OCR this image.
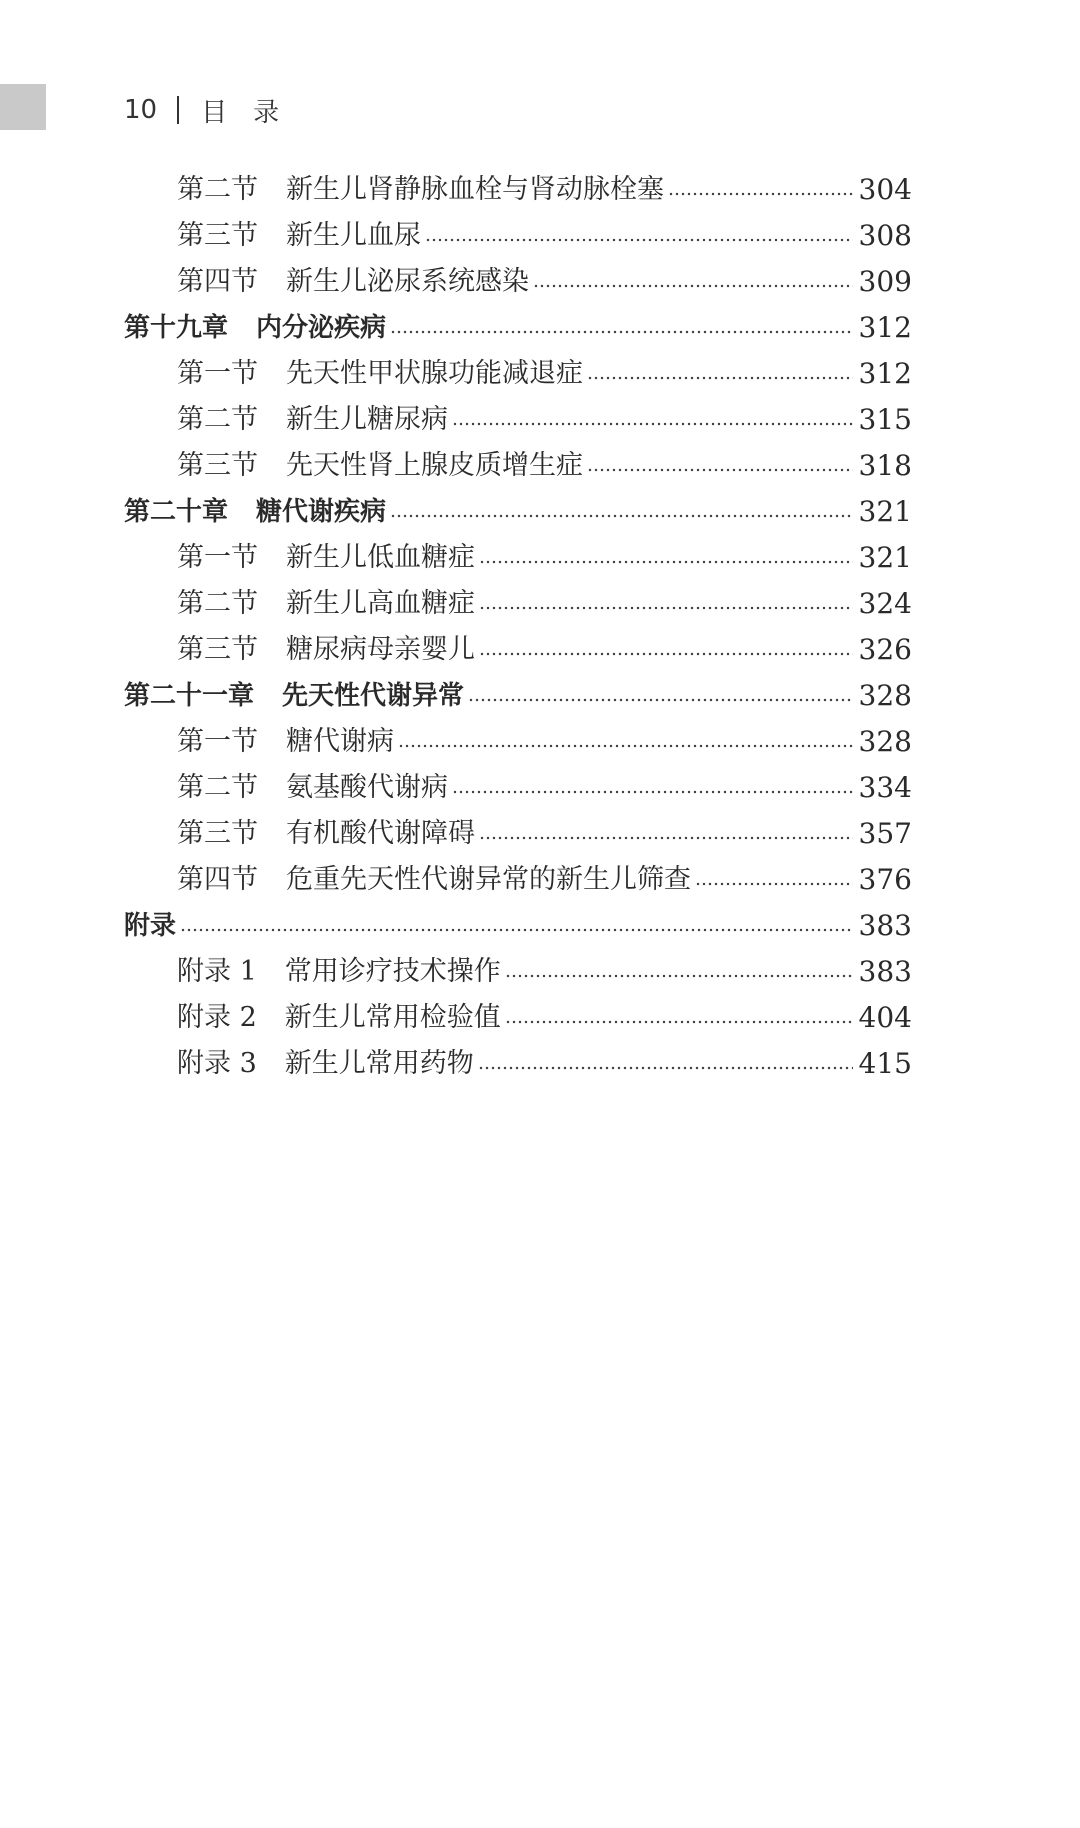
10 目录
第二节 新生儿肾静脉血栓与肾动脉栓塞	304
第三节 新生儿血尿	308
第四节 新生儿泌尿系统感染	309
第十九章 内分泌疾病	312
第一节 先天性甲状腺功能减退症	312
第二节 新生儿糖尿病	315
第三节 先天性肾上腺皮质增生症	318
第二十章 糖代谢疾病	321
第一节 新生儿低血糖症	321
第二节 新生儿高血糖症	324
第三节 糖尿病母亲婴儿	326
第二十一章 先天性代谢异常	328
第一节 糖代谢病	328
第二节 氨基酸代谢病	334
第三节 有机酸代谢障碍	357
第四节 危重先天性代谢异常的新生儿筛查	376
附录	383
附录 1 常用诊疗技术操作	383
附录 2 新生儿常用检验值	404
附录 3 新生儿常用药物	415
